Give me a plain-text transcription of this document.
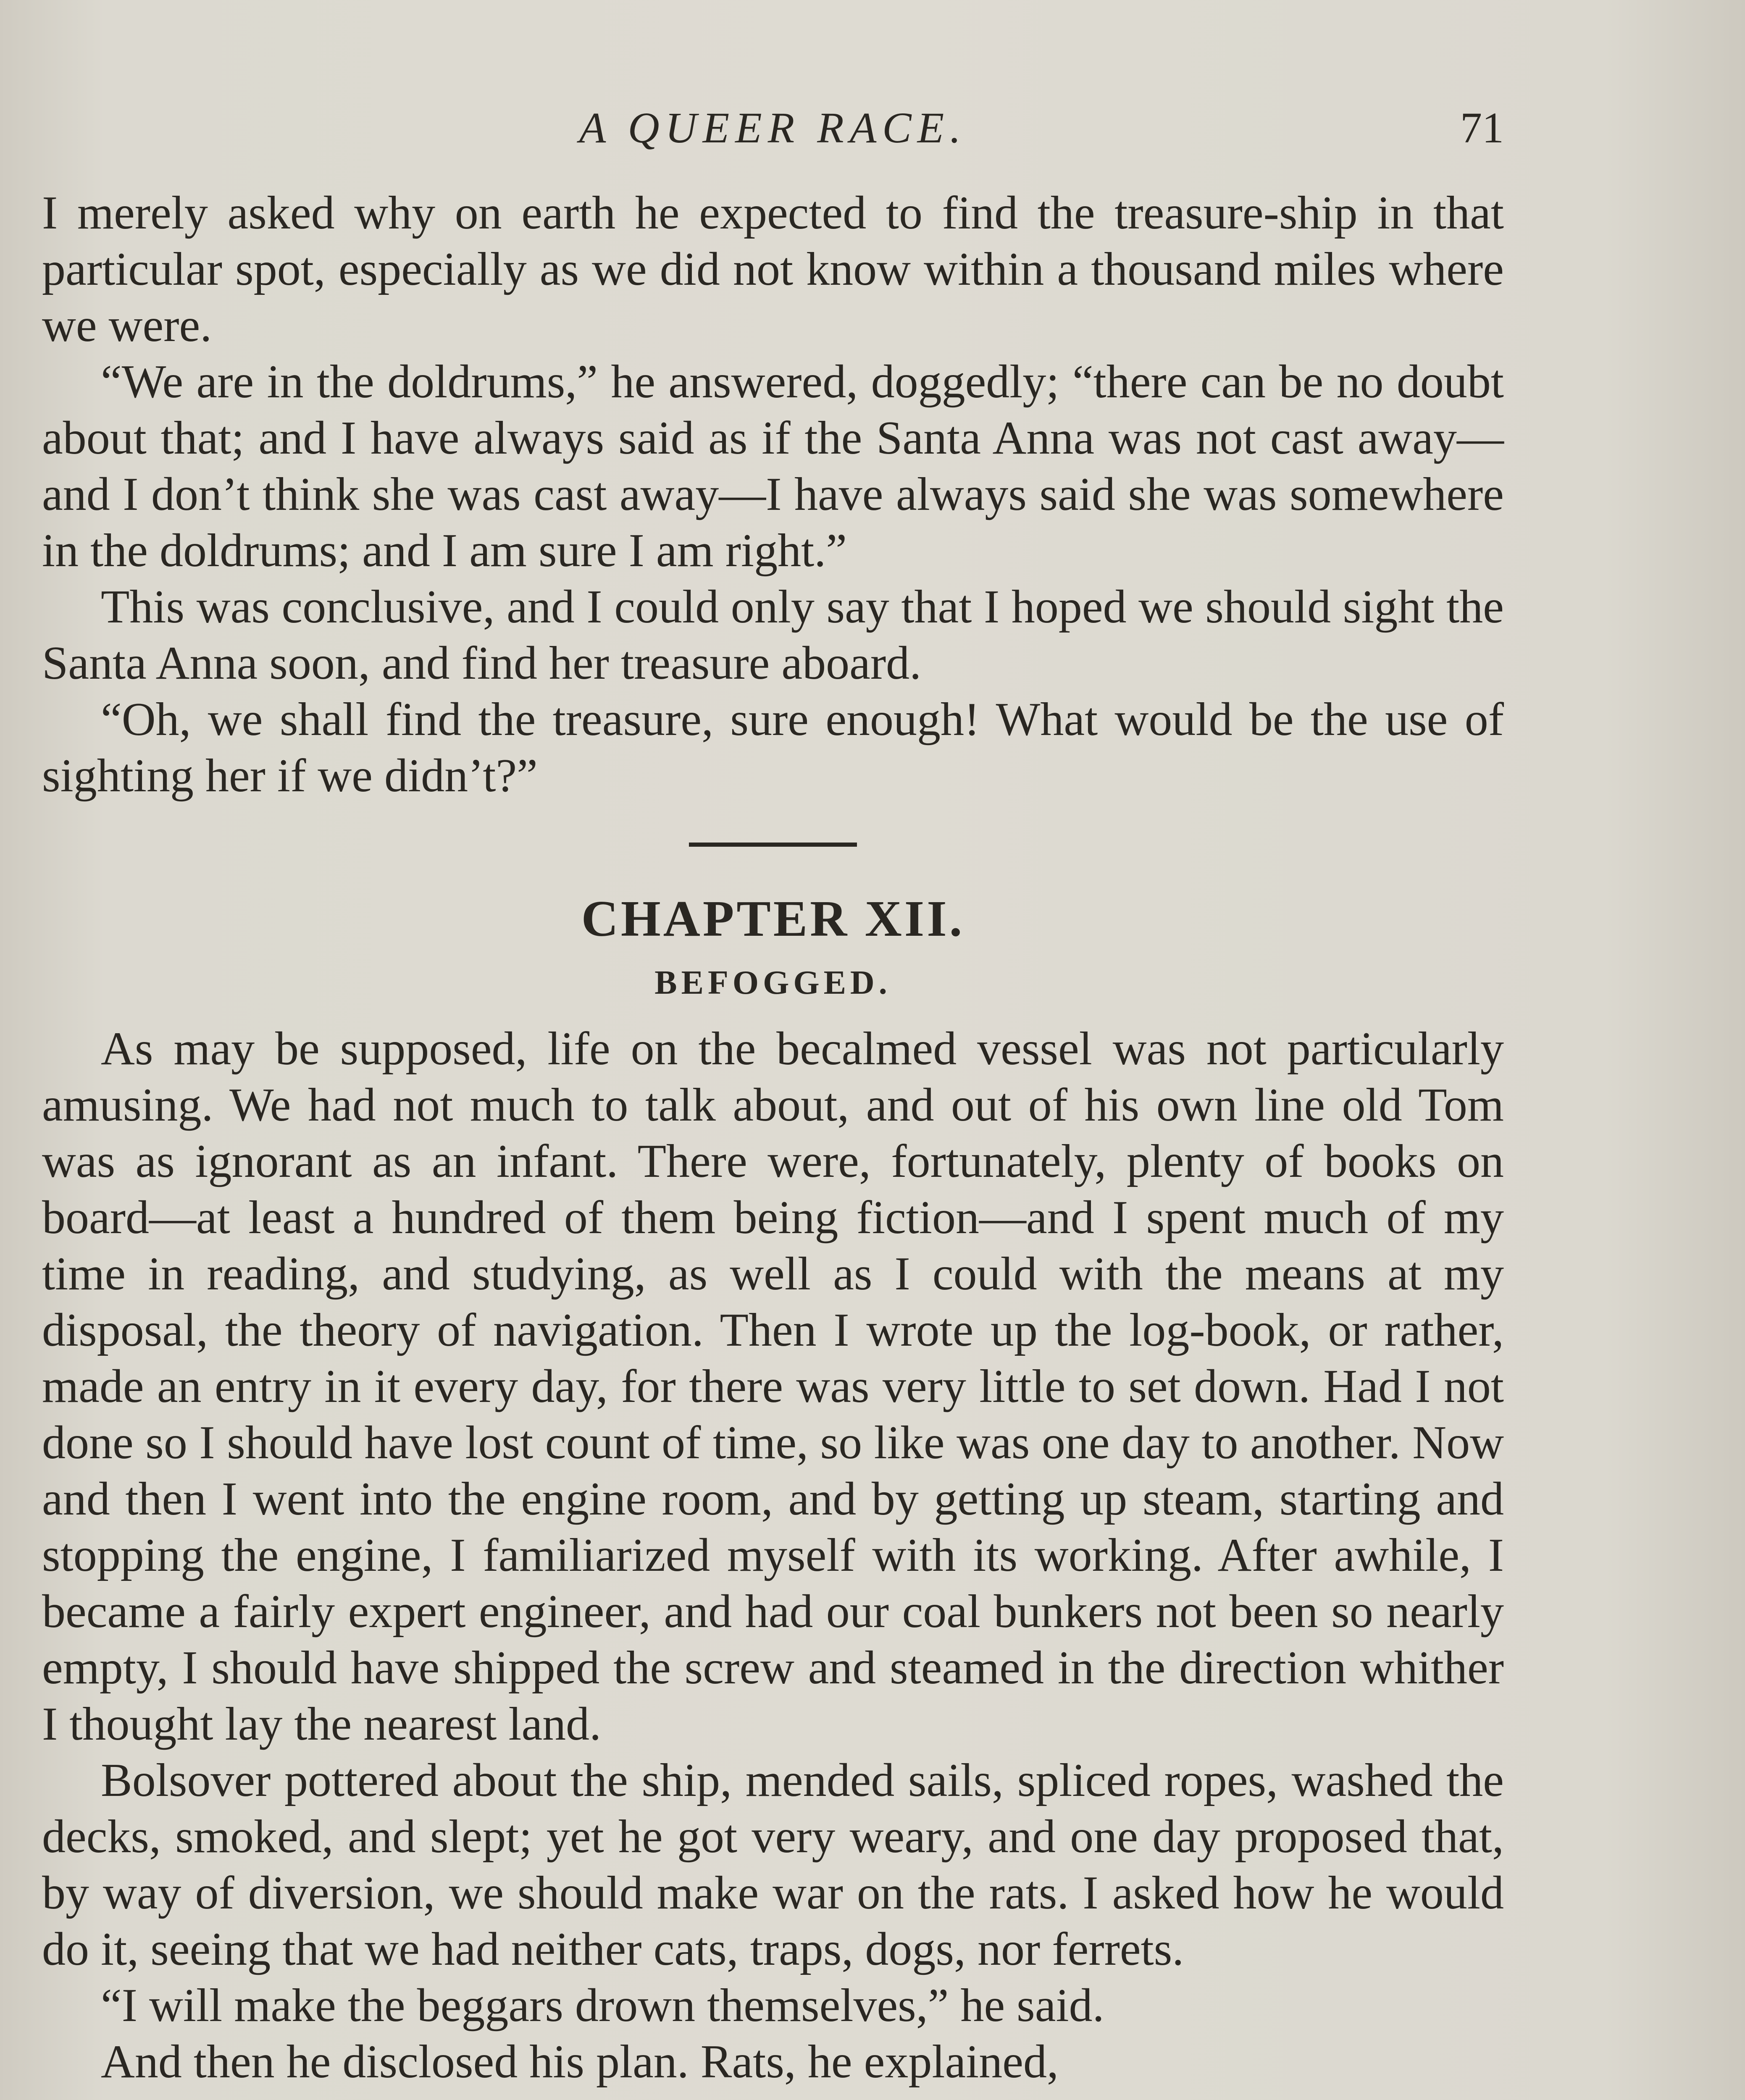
A QUEER RACE.	71

I merely asked why on earth he expected to find the treasure-ship in that particular spot, especially as we did not know within a thousand miles where we were.

“We are in the doldrums,” he answered, doggedly; “there can be no doubt about that; and I have always said as if the Santa Anna was not cast away—and I don’t think she was cast away—I have always said she was somewhere in the doldrums; and I am sure I am right.”

This was conclusive, and I could only say that I hoped we should sight the Santa Anna soon, and find her treasure aboard.

“Oh, we shall find the treasure, sure enough! What would be the use of sighting her if we didn’t?”

CHAPTER XII.
BEFOGGED.

As may be supposed, life on the becalmed vessel was not particularly amusing. We had not much to talk about, and out of his own line old Tom was as ignorant as an infant. There were, fortunately, plenty of books on board—at least a hundred of them being fiction—and I spent much of my time in reading, and studying, as well as I could with the means at my disposal, the theory of navigation. Then I wrote up the log-book, or rather, made an entry in it every day, for there was very little to set down. Had I not done so I should have lost count of time, so like was one day to another. Now and then I went into the engine room, and by getting up steam, starting and stopping the engine, I familiarized myself with its working. After awhile, I became a fairly expert engineer, and had our coal bunkers not been so nearly empty, I should have shipped the screw and steamed in the direction whither I thought lay the nearest land.

Bolsover pottered about the ship, mended sails, spliced ropes, washed the decks, smoked, and slept; yet he got very weary, and one day proposed that, by way of diversion, we should make war on the rats. I asked how he would do it, seeing that we had neither cats, traps, dogs, nor ferrets.

“I will make the beggars drown themselves,” he said.

And then he disclosed his plan. Rats, he explained,
